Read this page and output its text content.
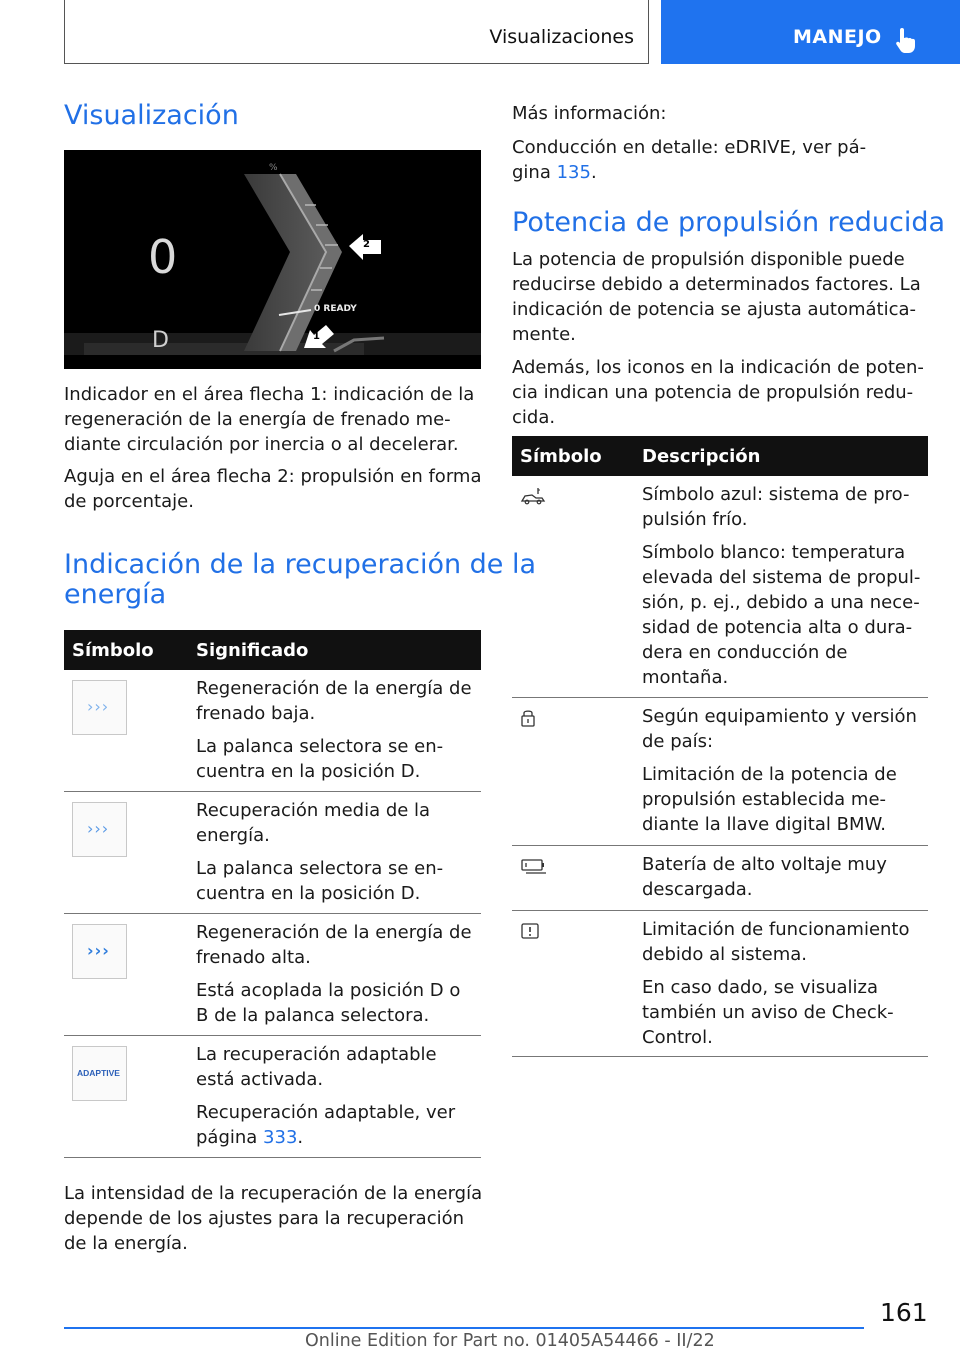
Visualizaciones	MANEJO
Visualización
0
D
%
0 READY
2
1
Indicador en el área flecha 1: indicación de la
regeneración de la energía de frenado me-
diante circulación por inercia o al decelerar.
Aguja en el área flecha 2: propulsión en forma
de porcentaje.
Indicación de la recuperación de la
energía
Símbolo Significado
›››

Regeneración de la energía de
frenado baja.

La palanca selectora se en-
cuentra en la posición D.

›››

Recuperación media de la
energía.

La palanca selectora se en-
cuentra en la posición D.

›››

Regeneración de la energía de
frenado alta.

Está acoplada la posición D o
B de la palanca selectora.

ADAPTIVE

La recuperación adaptable
está activada.

Recuperación adaptable, ver
página 333.

La intensidad de la recuperación de la energía
depende de los ajustes para la recuperación
de la energía.
Más información:
Conducción en detalle: eDRIVE, ver pá-
gina 135.
Potencia de propulsión reducida
La potencia de propulsión disponible puede
reducirse debido a determinados factores. La
indicación de potencia se ajusta automática-
mente.
Además, los iconos en la indicación de poten-
cia indican una potencia de propulsión redu-
cida.
Símbolo Descripción

Símbolo azul: sistema de pro-
pulsión frío.

Símbolo blanco: temperatura
elevada del sistema de propul-
sión, p. ej., debido a una nece-
sidad de potencia alta o dura-
dera en conducción de
montaña.

Según equipamiento y versión
de país:

Limitación de la potencia de
propulsión establecida me-
diante la llave digital BMW.

Batería de alto voltaje muy
descargada.

Limitación de funcionamiento
debido al sistema.

En caso dado, se visualiza
también un aviso de Check-
Control.

161
Online Edition for Part no. 01405A54466 - II/22
